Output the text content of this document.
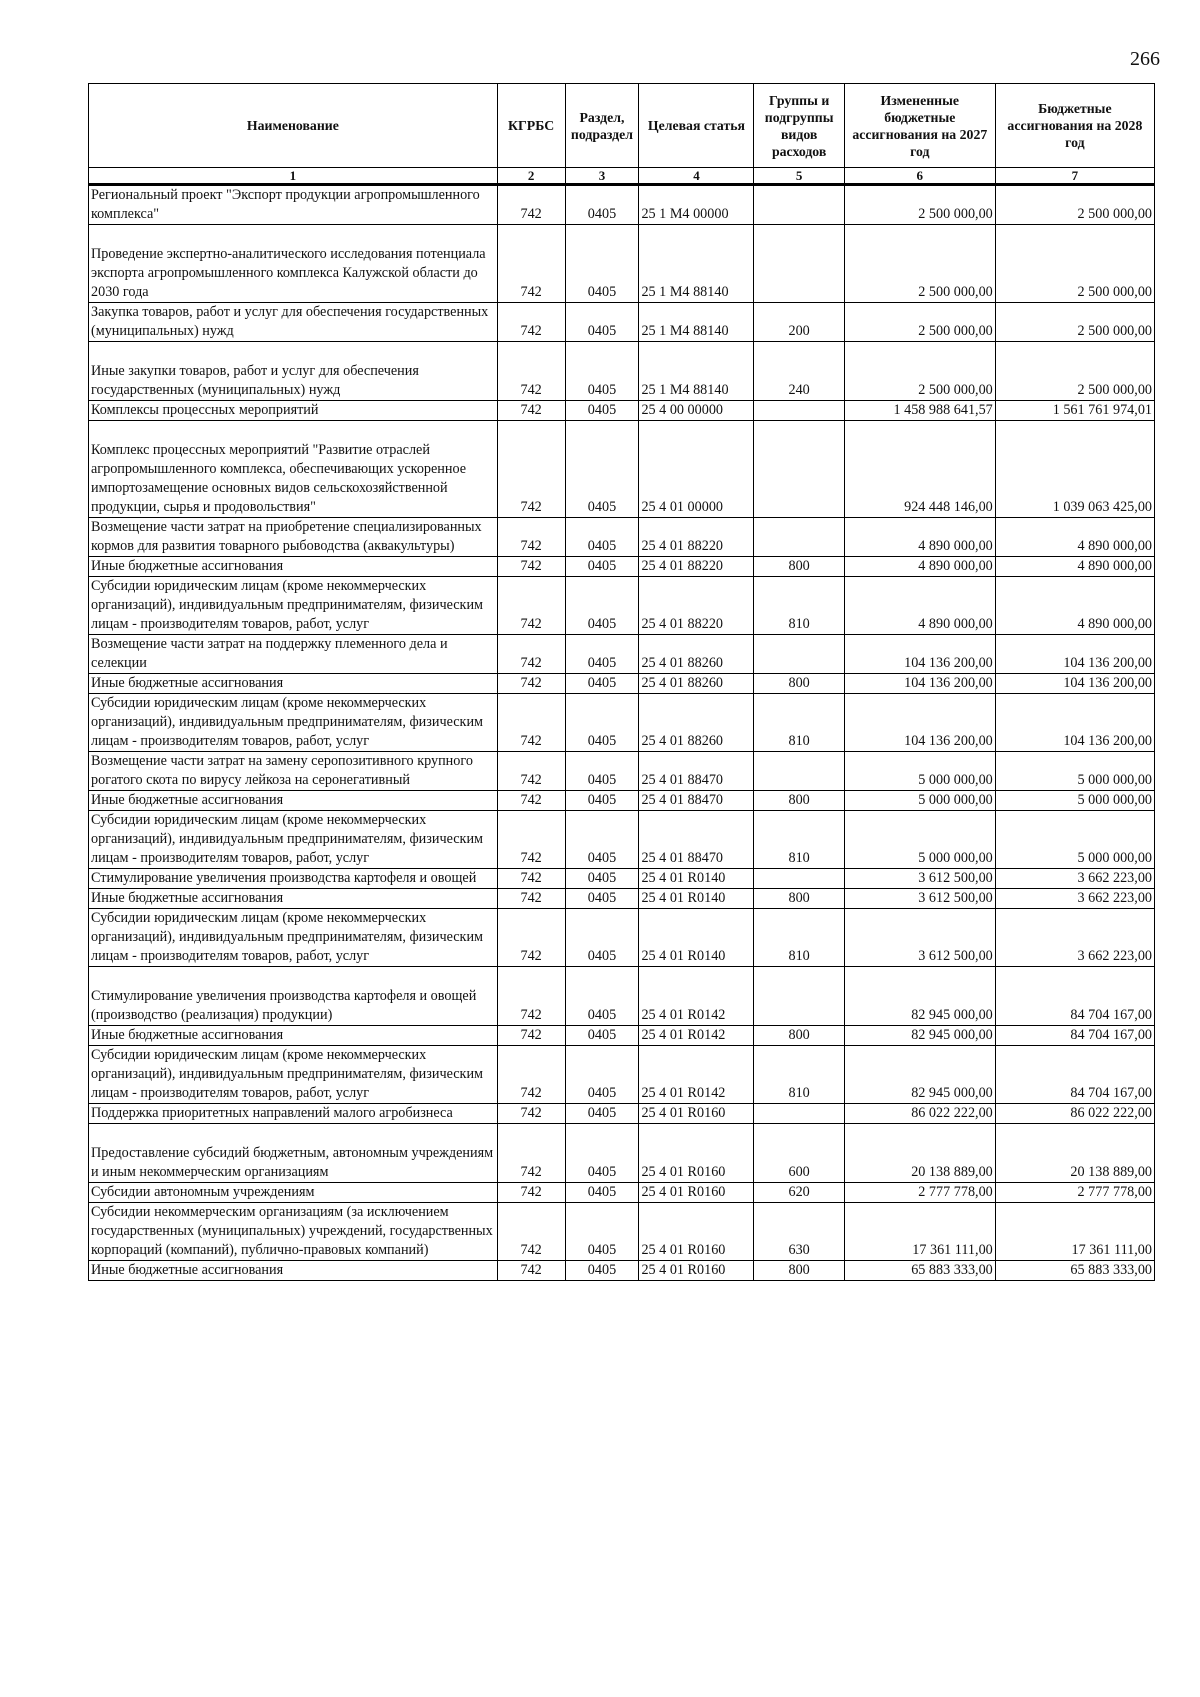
266
Наименование	КГРБС	Раздел, подраздел	Целевая статья	Группы и подгруппы видов расходов	Измененные бюджетные ассигнования на 2027 год	Бюджетные ассигнования на 2028 год
1	2	3	4	5	6	7
Региональный проект "Экспорт продукции агропромышленного комплекса"	742	0405	25 1 M4 00000		2 500 000,00	2 500 000,00
Проведение экспертно-аналитического исследования потенциала экспорта агропромышленного комплекса Калужской области до 2030 года	742	0405	25 1 M4 88140		2 500 000,00	2 500 000,00
Закупка товаров, работ и услуг для обеспечения государственных (муниципальных) нужд	742	0405	25 1 M4 88140	200	2 500 000,00	2 500 000,00
Иные закупки товаров, работ и услуг для обеспечения государственных (муниципальных) нужд	742	0405	25 1 M4 88140	240	2 500 000,00	2 500 000,00
Комплексы процессных мероприятий	742	0405	25 4 00 00000		1 458 988 641,57	1 561 761 974,01
Комплекс процессных мероприятий "Развитие отраслей агропромышленного комплекса, обеспечивающих ускоренное импортозамещение основных видов сельскохозяйственной продукции, сырья и продовольствия"	742	0405	25 4 01 00000		924 448 146,00	1 039 063 425,00
Возмещение части затрат на приобретение специализированных кормов для развития товарного рыбоводства (аквакультуры)	742	0405	25 4 01 88220		4 890 000,00	4 890 000,00
Иные бюджетные ассигнования	742	0405	25 4 01 88220	800	4 890 000,00	4 890 000,00
Субсидии юридическим лицам (кроме некоммерческих организаций), индивидуальным предпринимателям, физическим лицам - производителям товаров, работ, услуг	742	0405	25 4 01 88220	810	4 890 000,00	4 890 000,00
Возмещение части затрат на поддержку племенного дела и селекции	742	0405	25 4 01 88260		104 136 200,00	104 136 200,00
Иные бюджетные ассигнования	742	0405	25 4 01 88260	800	104 136 200,00	104 136 200,00
Субсидии юридическим лицам (кроме некоммерческих организаций), индивидуальным предпринимателям, физическим лицам - производителям товаров, работ, услуг	742	0405	25 4 01 88260	810	104 136 200,00	104 136 200,00
Возмещение части затрат на замену серопозитивного крупного рогатого скота по вирусу лейкоза на серонегативный	742	0405	25 4 01 88470		5 000 000,00	5 000 000,00
Иные бюджетные ассигнования	742	0405	25 4 01 88470	800	5 000 000,00	5 000 000,00
Субсидии юридическим лицам (кроме некоммерческих организаций), индивидуальным предпринимателям, физическим лицам - производителям товаров, работ, услуг	742	0405	25 4 01 88470	810	5 000 000,00	5 000 000,00
Стимулирование увеличения производства картофеля и овощей	742	0405	25 4 01 R0140		3 612 500,00	3 662 223,00
Иные бюджетные ассигнования	742	0405	25 4 01 R0140	800	3 612 500,00	3 662 223,00
Субсидии юридическим лицам (кроме некоммерческих организаций), индивидуальным предпринимателям, физическим лицам - производителям товаров, работ, услуг	742	0405	25 4 01 R0140	810	3 612 500,00	3 662 223,00
Стимулирование увеличения производства картофеля и овощей (производство (реализация) продукции)	742	0405	25 4 01 R0142		82 945 000,00	84 704 167,00
Иные бюджетные ассигнования	742	0405	25 4 01 R0142	800	82 945 000,00	84 704 167,00
Субсидии юридическим лицам (кроме некоммерческих организаций), индивидуальным предпринимателям, физическим лицам - производителям товаров, работ, услуг	742	0405	25 4 01 R0142	810	82 945 000,00	84 704 167,00
Поддержка приоритетных направлений малого агробизнеса	742	0405	25 4 01 R0160		86 022 222,00	86 022 222,00
Предоставление субсидий бюджетным, автономным учреждениям и иным некоммерческим организациям	742	0405	25 4 01 R0160	600	20 138 889,00	20 138 889,00
Субсидии автономным учреждениям	742	0405	25 4 01 R0160	620	2 777 778,00	2 777 778,00
Субсидии некоммерческим организациям (за исключением государственных (муниципальных) учреждений, государственных корпораций (компаний), публично-правовых компаний)	742	0405	25 4 01 R0160	630	17 361 111,00	17 361 111,00
Иные бюджетные ассигнования	742	0405	25 4 01 R0160	800	65 883 333,00	65 883 333,00
